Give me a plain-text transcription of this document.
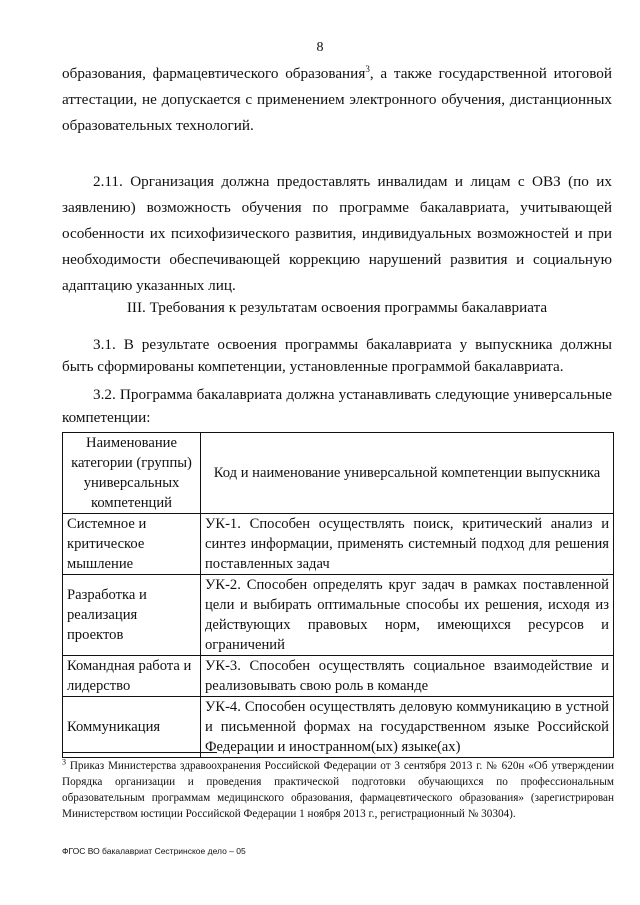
8

образования, фармацевтического образования$^3$, а также государственной итоговой аттестации, не допускается с применением электронного обучения, дистанционных образовательных технологий.

2.11. Организация должна предоставлять инвалидам и лицам с ОВЗ (по их заявлению) возможность обучения по программе бакалавриата, учитывающей особенности их психофизического развития, индивидуальных возможностей и при необходимости обеспечивающей коррекцию нарушений развития и социальную адаптацию указанных лиц.

III. Требования к результатам освоения программы бакалавриата

3.1. В результате освоения программы бакалавриата у выпускника должны быть сформированы компетенции, установленные программой бакалавриата.

3.2. Программа бакалавриата должна устанавливать следующие универсальные компетенции:

Наименование категории (группы) универсальных компетенций	Код и наименование универсальной компетенции выпускника
Системное и критическое мышление	УК-1. Способен осуществлять поиск, критический анализ и синтез информации, применять системный подход для решения поставленных задач
Разработка и реализация проектов	УК-2. Способен определять круг задач в рамках поставленной цели и выбирать оптимальные способы их решения, исходя из действующих правовых норм, имеющихся ресурсов и ограничений
Командная работа и лидерство	УК-3. Способен осуществлять социальное взаимодействие и реализовывать свою роль в команде
Коммуникация	УК-4. Способен осуществлять деловую коммуникацию в устной и письменной формах на государственном языке Российской Федерации и иностранном(ых) языке(ах)
$^3$ Приказ Министерства здравоохранения Российской Федерации от 3 сентября 2013 г. № 620н «Об утверждении Порядка организации и проведения практической подготовки обучающихся по профессиональным образовательным программам медицинского образования, фармацевтического образования» (зарегистрирован Министерством юстиции Российской Федерации 1 ноября 2013 г., регистрационный № 30304).
ФГОС ВО бакалавриат Сестринское дело – 05
